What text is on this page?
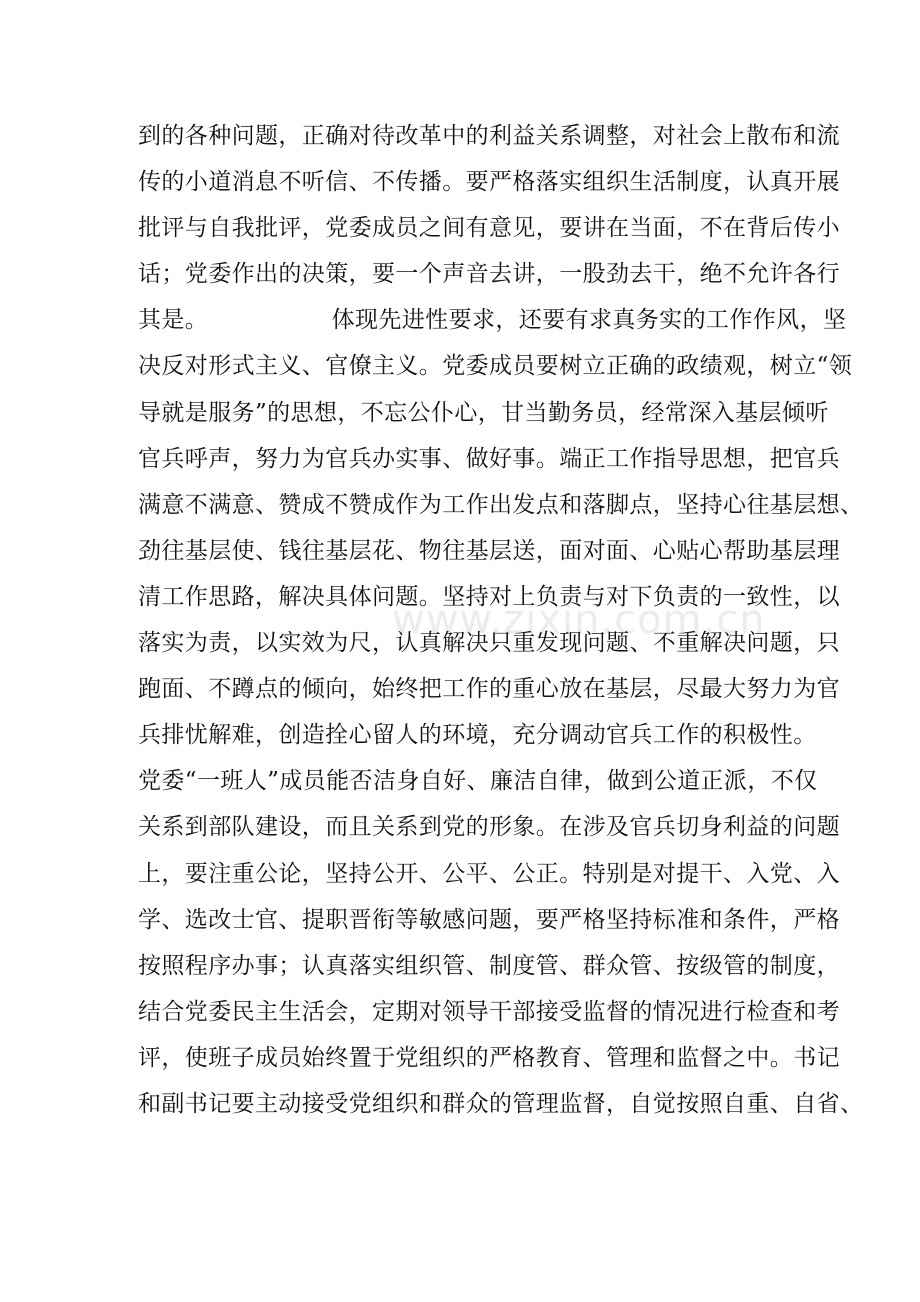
到的各种问题，正确对待改革中的利益关系调整，对社会上散布和流
传的小道消息不听信、不传播。要严格落实组织生活制度，认真开展
批评与自我批评，党委成员之间有意见，要讲在当面，不在背后传小
话；党委作出的决策，要一个声音去讲，一股劲去干，绝不允许各行
其是。                体现先进性要求，还要有求真务实的工作作风，坚
决反对形式主义、官僚主义。党委成员要树立正确的政绩观，树立“领
导就是服务”的思想，不忘公仆心，甘当勤务员，经常深入基层倾听
官兵呼声，努力为官兵办实事、做好事。端正工作指导思想，把官兵
满意不满意、赞成不赞成作为工作出发点和落脚点，坚持心往基层想、
劲往基层使、钱往基层花、物往基层送，面对面、心贴心帮助基层理
清工作思路，解决具体问题。坚持对上负责与对下负责的一致性，以
落实为责，以实效为尺，认真解决只重发现问题、不重解决问题，只
跑面、不蹲点的倾向，始终把工作的重心放在基层，尽最大努力为官
兵排忧解难，创造拴心留人的环境，充分调动官兵工作的积极性。
党委“一班人”成员能否洁身自好、廉洁自律，做到公道正派，不仅
关系到部队建设，而且关系到党的形象。在涉及官兵切身利益的问题
上，要注重公论，坚持公开、公平、公正。特别是对提干、入党、入
学、选改士官、提职晋衔等敏感问题，要严格坚持标准和条件，严格
按照程序办事；认真落实组织管、制度管、群众管、按级管的制度，
结合党委民主生活会，定期对领导干部接受监督的情况进行检查和考
评，使班子成员始终置于党组织的严格教育、管理和监督之中。书记
和副书记要主动接受党组织和群众的管理监督，自觉按照自重、自省、
www.zixin.com.cn
